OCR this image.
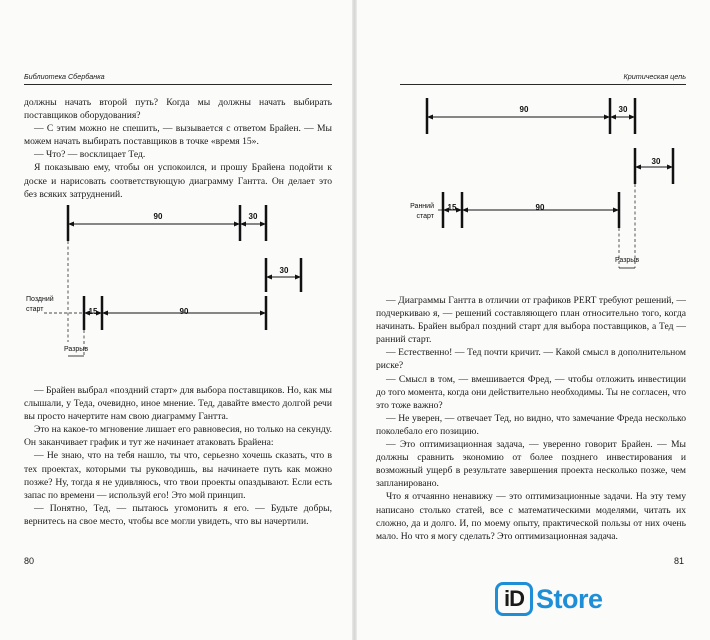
Библиотека Сбербанка

должны начать второй путь? Когда мы должны начать выбирать поставщиков оборудования?

— С этим можно не спешить, — вызывается с ответом Брайен. — Мы можем начать выбирать поставщиков в точке «время 15».

— Что? — восклицает Тед.

Я показываю ему, чтобы он успокоился, и прошу Брайена подойти к доске и нарисовать соответствующую диаграмму Гантта. Он делает это без всяких затруднений.

90	30
30
Поздний
старт	15	90
Разрыв

— Брайен выбрал «поздний старт» для выбора поставщиков. Но, как мы слышали, у Теда, очевидно, иное мнение. Тед, давайте вместо долгой речи вы просто начертите нам свою диаграмму Гантта.

Это на какое-то мгновение лишает его равновесия, но только на секунду. Он заканчивает график и тут же начинает атаковать Брайена:

— Не знаю, что на тебя нашло, ты что, серьезно хочешь сказать, что в тех проектах, которыми ты руководишь, вы начинаете путь как можно позже? Ну, тогда я не удивляюсь, что твои проекты опаздывают. Если есть запас по времени — используй его! Это мой принцип.

— Понятно, Тед, — пытаюсь угомонить я его. — Будьте добры, вернитесь на свое место, чтобы все могли увидеть, что вы начертили.

80
Критическая цепь
90	30
30
Ранний
старт
15	90
Разрыв

— Диаграммы Гантта в отличии от графиков PERT требуют решений, — подчеркиваю я, — решений составляющего план относительно того, когда начинать. Брайен выбрал поздний старт для выбора поставщиков, а Тед — ранний старт.

— Естественно! — Тед почти кричит. — Какой смысл в дополнительном риске?

— Смысл в том, — вмешивается Фред, — чтобы отложить инвестиции до того момента, когда они действительно необходимы. Ты не согласен, что это тоже важно?

— Не уверен, — отвечает Тед, но видно, что замечание Фреда несколько поколебало его позицию.

— Это оптимизационная задача, — уверенно говорит Брайен. — Мы должны сравнить экономию от более позднего инвестирования и возможный ущерб в результате завершения проекта несколько позже, чем запланировано.

Что я отчаянно ненавижу — это оптимизационные задачи. На эту тему написано столько статей, все с математическими моделями, читать их сложно, да и долго. И, по моему опыту, практической пользы от них очень мало. Но что я могу сделать? Это оптимизационная задача.

81
iD Store
